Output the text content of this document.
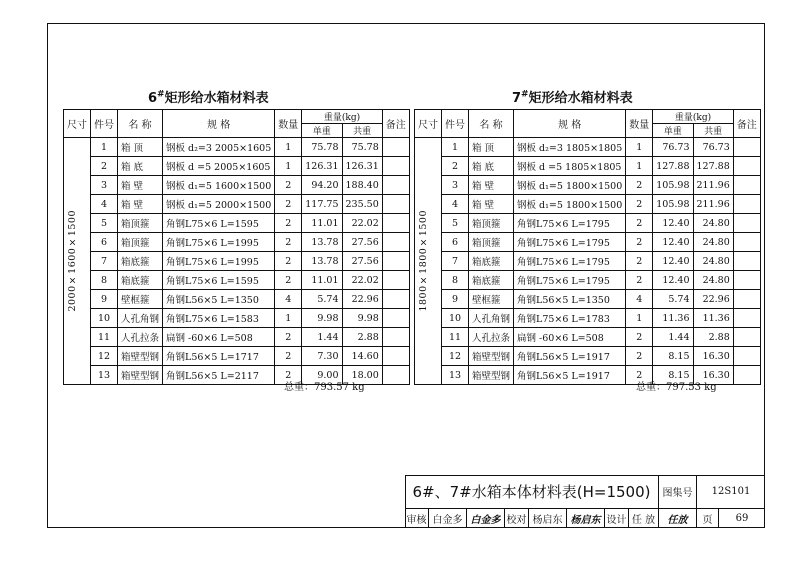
6#矩形给水箱材料表
尺寸	件号	名 称	规 格	数量	重量(kg)		备注
					单重	共重	

2000×1600×1500	1	箱 顶	钢板 d₂=3 2005×1605	1	75.78	75.78	
	2	箱 底	钢板 d =5 2005×1605	1	126.31	126.31	
	3	箱 壁	钢板 d₁=5 1600×1500	2	94.20	188.40	
	4	箱 壁	钢板 d₁=5 2000×1500	2	117.75	235.50	
	5	箱顶箍	角钢L75×6 L=1595	2	11.01	22.02	
	6	箱顶箍	角钢L75×6 L=1995	2	13.78	27.56	
	7	箱底箍	角钢L75×6 L=1995	2	13.78	27.56	
	8	箱底箍	角钢L75×6 L=1595	2	11.01	22.02	
	9	壁框箍	角钢L56×5 L=1350	4	5.74	22.96	
	10	人孔角钢	角钢L75×6 L=1583	1	9.98	9.98	
	11	人孔拉条	扁钢 -60×6 L=508	2	1.44	2.88	
	12	箱壁型钢	角钢L56×5 L=1717	2	7.30	14.60	
	13	箱壁型钢	角钢L56×5 L=2117	2	9.00	18.00	
总重：793.57 kg
7#矩形给水箱材料表
尺寸	件号	名 称	规 格	数量	重量(kg)		备注
					单重	共重	

1800×1800×1500	1	箱 顶	钢板 d₂=3 1805×1805	1	76.73	76.73	
	2	箱 底	钢板 d =5 1805×1805	1	127.88	127.88	
	3	箱 壁	钢板 d₁=5 1800×1500	2	105.98	211.96	
	4	箱 壁	钢板 d₁=5 1800×1500	2	105.98	211.96	
	5	箱顶箍	角钢L75×6 L=1795	2	12.40	24.80	
	6	箱顶箍	角钢L75×6 L=1795	2	12.40	24.80	
	7	箱底箍	角钢L75×6 L=1795	2	12.40	24.80	
	8	箱底箍	角钢L75×6 L=1795	2	12.40	24.80	
	9	壁框箍	角钢L56×5 L=1350	4	5.74	22.96	
	10	人孔角钢	角钢L75×6 L=1783	1	11.36	11.36	
	11	人孔拉条	扁钢 -60×6 L=508	2	1.44	2.88	
	12	箱壁型钢	角钢L56×5 L=1917	2	8.15	16.30	
	13	箱壁型钢	角钢L56×5 L=1917	2	8.15	16.30	
总重：797.53 kg
6#、7#水箱本体材料表(H=1500)	图集号	12S101
审核 白金多 白金多 校对 杨启东 杨启东 设计 任 放	任放	页	69
